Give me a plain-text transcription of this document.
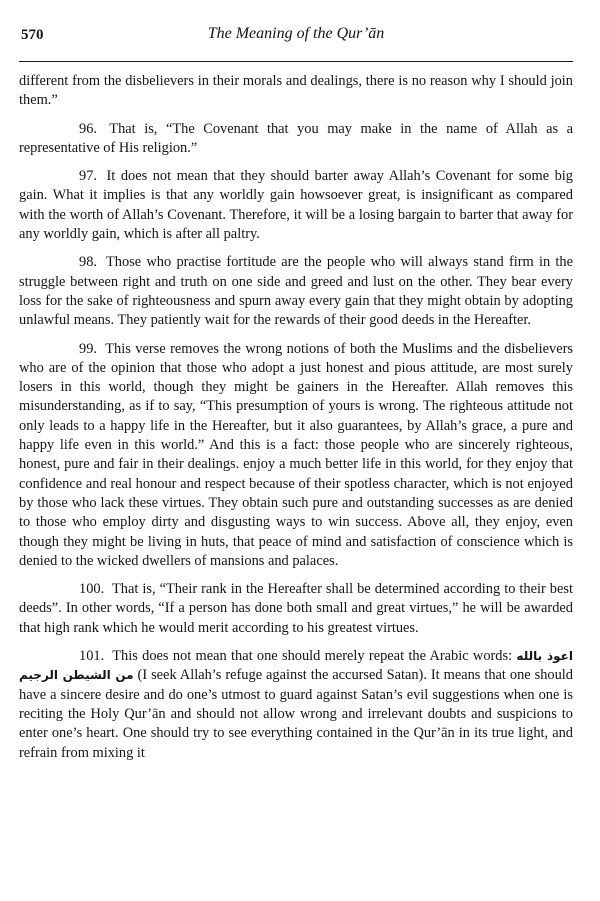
570	The Meaning of the Qur’ān

different from the disbelievers in their morals and dealings, there is no reason why I should join them.”

96. That is, “The Covenant that you may make in the name of Allah as a representative of His religion.”

97. It does not mean that they should barter away Allah’s Covenant for some big gain. What it implies is that any worldly gain howsoever great, is insignificant as compared with the worth of Allah’s Covenant. Therefore, it will be a losing bargain to barter that away for any worldly gain, which is after all paltry.

98. Those who practise fortitude are the people who will always stand firm in the struggle between right and truth on one side and greed and lust on the other. They bear every loss for the sake of righteousness and spurn away every gain that they might obtain by adopting unlawful means. They patiently wait for the rewards of their good deeds in the Hereafter.

99. This verse removes the wrong notions of both the Muslims and the disbelievers who are of the opinion that those who adopt a just honest and pious attitude, are most surely losers in this world, though they might be gainers in the Hereafter. Allah removes this misunderstanding, as if to say, “This presumption of yours is wrong. The righteous attitude not only leads to a happy life in the Hereafter, but it also guarantees, by Allah’s grace, a pure and happy life even in this world.” And this is a fact: those people who are sincerely righteous, honest, pure and fair in their dealings. enjoy a much better life in this world, for they enjoy that confidence and real honour and respect because of their spotless character, which is not enjoyed by those who lack these virtues. They obtain such pure and outstanding successes as are denied to those who employ dirty and disgusting ways to win success. Above all, they enjoy, even though they might be living in huts, that peace of mind and satisfaction of conscience which is denied to the wicked dwellers of mansions and palaces.

100. That is, “Their rank in the Hereafter shall be determined according to their best deeds”. In other words, “If a person has done both small and great virtues,” he will be awarded that high rank which he would merit according to his greatest virtues.

101. This does not mean that one should merely repeat the Arabic words: اعوذ بالله من الشيطن الرجيم (I seek Allah’s refuge against the accursed Satan). It means that one should have a sincere desire and do one’s utmost to guard against Satan’s evil suggestions when one is reciting the Holy Qur’ān and should not allow wrong and irrelevant doubts and suspicions to enter one’s heart. One should try to see everything contained in the Qur’ān in its true light, and refrain from mixing it
